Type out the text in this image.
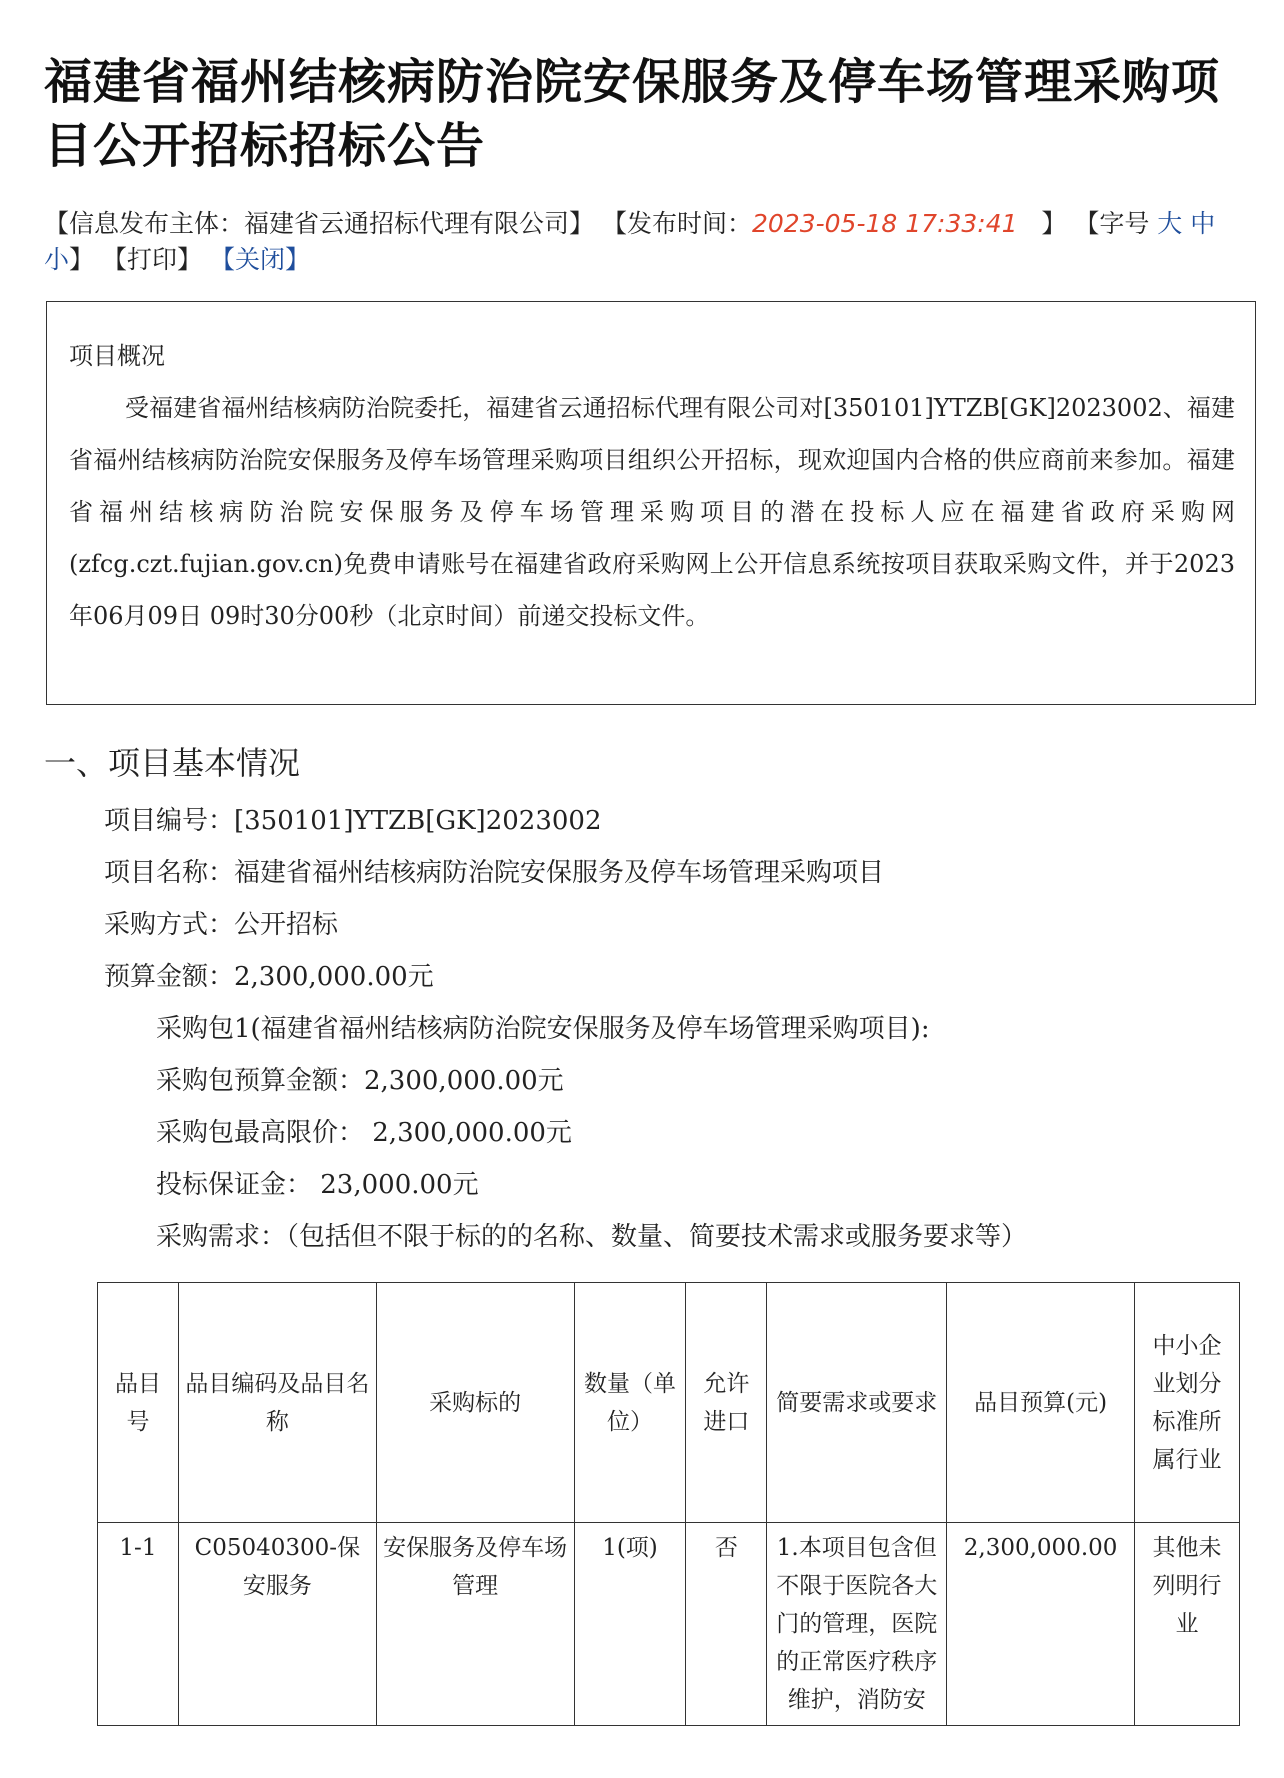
福建省福州结核病防治院安保服务及停车场管理采购项目公开招标招标公告
【信息发布主体：福建省云通招标代理有限公司】 【发布时间：2023-05-18 17:33:41 】 【字号 大 中
小】 【打印】 【关闭】
项目概况
受福建省福州结核病防治院委托，福建省云通招标代理有限公司对[350101]YTZB[GK]2023002、福建省福州结核病防治院安保服务及停车场管理采购项目组织公开招标，现欢迎国内合格的供应商前来参加。福建省福州结核病防治院安保服务及停车场管理采购项目的潜在投标人应在福建省政府采购网(zfcg.czt.fujian.gov.cn)免费申请账号在福建省政府采购网上公开信息系统按项目获取采购文件，并于2023年06月09日 09时30分00秒（北京时间）前递交投标文件。
一、项目基本情况
项目编号：[350101]YTZB[GK]2023002
项目名称：福建省福州结核病防治院安保服务及停车场管理采购项目
采购方式：公开招标
预算金额：2,300,000.00元
采购包1(福建省福州结核病防治院安保服务及停车场管理采购项目):
采购包预算金额：2,300,000.00元
采购包最高限价： 2,300,000.00元
投标保证金： 23,000.00元
采购需求：（包括但不限于标的的名称、数量、简要技术需求或服务要求等）
品目号	品目编码及品目名称	采购标的	数量（单位）	允许进口	简要需求或要求	品目预算(元)	中小企业划分标准所属行业
1-1	C05040300-保安服务	安保服务及停车场管理	1(项)	否	1.本项目包含但不限于医院各大门的管理，医院的正常医疗秩序维护，消防安	2,300,000.00	其他未列明行业
